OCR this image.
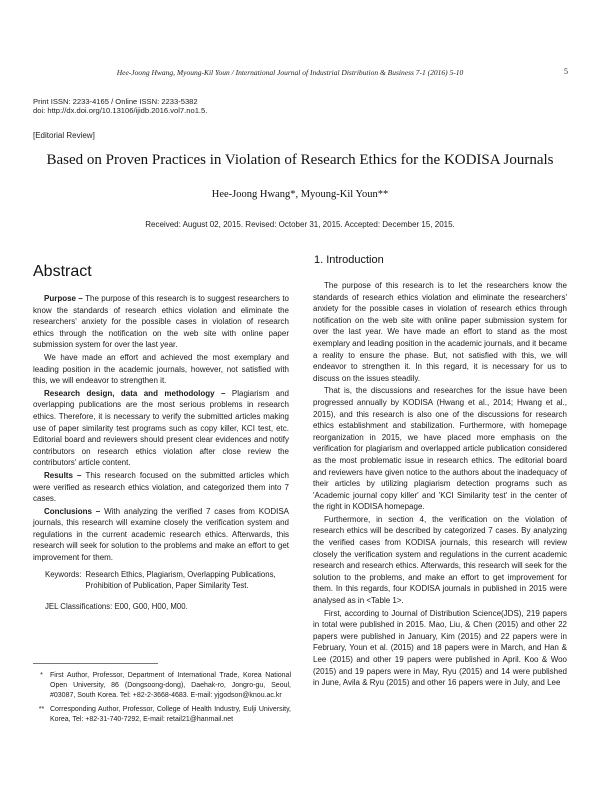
Hee-Joong Hwang, Myoung-Kil Youn / International Journal of Industrial Distribution & Business 7-1 (2016) 5-10	5
Print ISSN: 2233-4165 / Online ISSN: 2233-5382
doi: http://dx.doi.org/10.13106/ijidb.2016.vol7.no1.5.
[Editorial Review]
Based on Proven Practices in Violation of Research Ethics for the KODISA Journals
Hee-Joong Hwang*, Myoung-Kil Youn**
Received: August 02, 2015. Revised: October 31, 2015. Accepted: December 15, 2015.
Abstract

Purpose – The purpose of this research is to suggest researchers to know the standards of research ethics violation and eliminate the researchers' anxiety for the possible cases in violation of research ethics through the notification on the web site with online paper submission system for over the last year.

We have made an effort and achieved the most exemplary and leading position in the academic journals, however, not satisfied with this, we will endeavor to strengthen it.

Research design, data and methodology – Plagiarism and overlapping publications are the most serious problems in research ethics. Therefore, it is necessary to verify the submitted articles making use of paper similarity test programs such as copy killer, KCI test, etc. Editorial board and reviewers should present clear evidences and notify contributors on research ethics violation after close review the contributors' article content.

Results – This research focused on the submitted articles which were verified as research ethics violation, and categorized them into 7 cases.

Conclusions – With analyzing the verified 7 cases from KODISA journals, this research will examine closely the verification system and regulations in the current academic research ethics. Afterwards, this research will seek for solution to the problems and make an effort to get improvement for them.

Keywords: Research Ethics, Plagiarism, Overlapping Publications, Prohibition of Publication, Paper Similarity Test.
JEL Classifications: E00, G00, H00, M00.
*	First Author, Professor, Department of International Trade, Korea National Open University, 86 (Dongsoong-dong), Daehak-ro, Jongro-gu, Seoul, #03087, South Korea. Tel: +82-2-3668-4683. E-mail: yjgodson@knou.ac.kr
** Corresponding Author, Professor, College of Health Industry, Eulji University, Korea, Tel: +82-31-740-7292, E-mail: retail21@hanmail.net
1. Introduction

The purpose of this research is to let the researchers know the standards of research ethics violation and eliminate the researchers' anxiety for the possible cases in violation of research ethics through notification on the web site with online paper submission system for over the last year. We have made an effort to stand as the most exemplary and leading position in the academic journals, and it became a reality to ensure the phase. But, not satisfied with this, we will endeavor to strengthen it. In this regard, it is necessary for us to discuss on the issues steadily.

That is, the discussions and researches for the issue have been progressed annually by KODISA (Hwang et al., 2014; Hwang et al., 2015), and this research is also one of the discussions for research ethics establishment and stabilization. Furthermore, with homepage reorganization in 2015, we have placed more emphasis on the verification for plagiarism and overlapped article publication considered as the most problematic issue in research ethics. The editorial board and reviewers have given notice to the authors about the inadequacy of their articles by utilizing plagiarism detection programs such as 'Academic journal copy killer' and 'KCI Similarity test' in the center of the right in KODISA homepage.

Furthermore, in section 4, the verification on the violation of research ethics will be described by categorized 7 cases. By analyzing the verified cases from KODISA journals, this research will review closely the verification system and regulations in the current academic research and research ethics. Afterwards, this research will seek for the solution to the problems, and make an effort to get improvement for them. In this regards, four KODISA journals in published in 2015 were analysed as in <Table 1>.

First, according to Journal of Distribution Science(JDS), 219 papers in total were published in 2015. Mao, Liu, & Chen (2015) and other 22 papers were published in January, Kim (2015) and 22 papers were in February, Youn et al. (2015) and 18 papers were in March, and Han & Lee (2015) and other 19 papers were published in April. Koo & Woo (2015) and 19 papers were in May, Ryu (2015) and 14 were published in June, Avila & Ryu (2015) and other 16 papers were in July, and Lee
